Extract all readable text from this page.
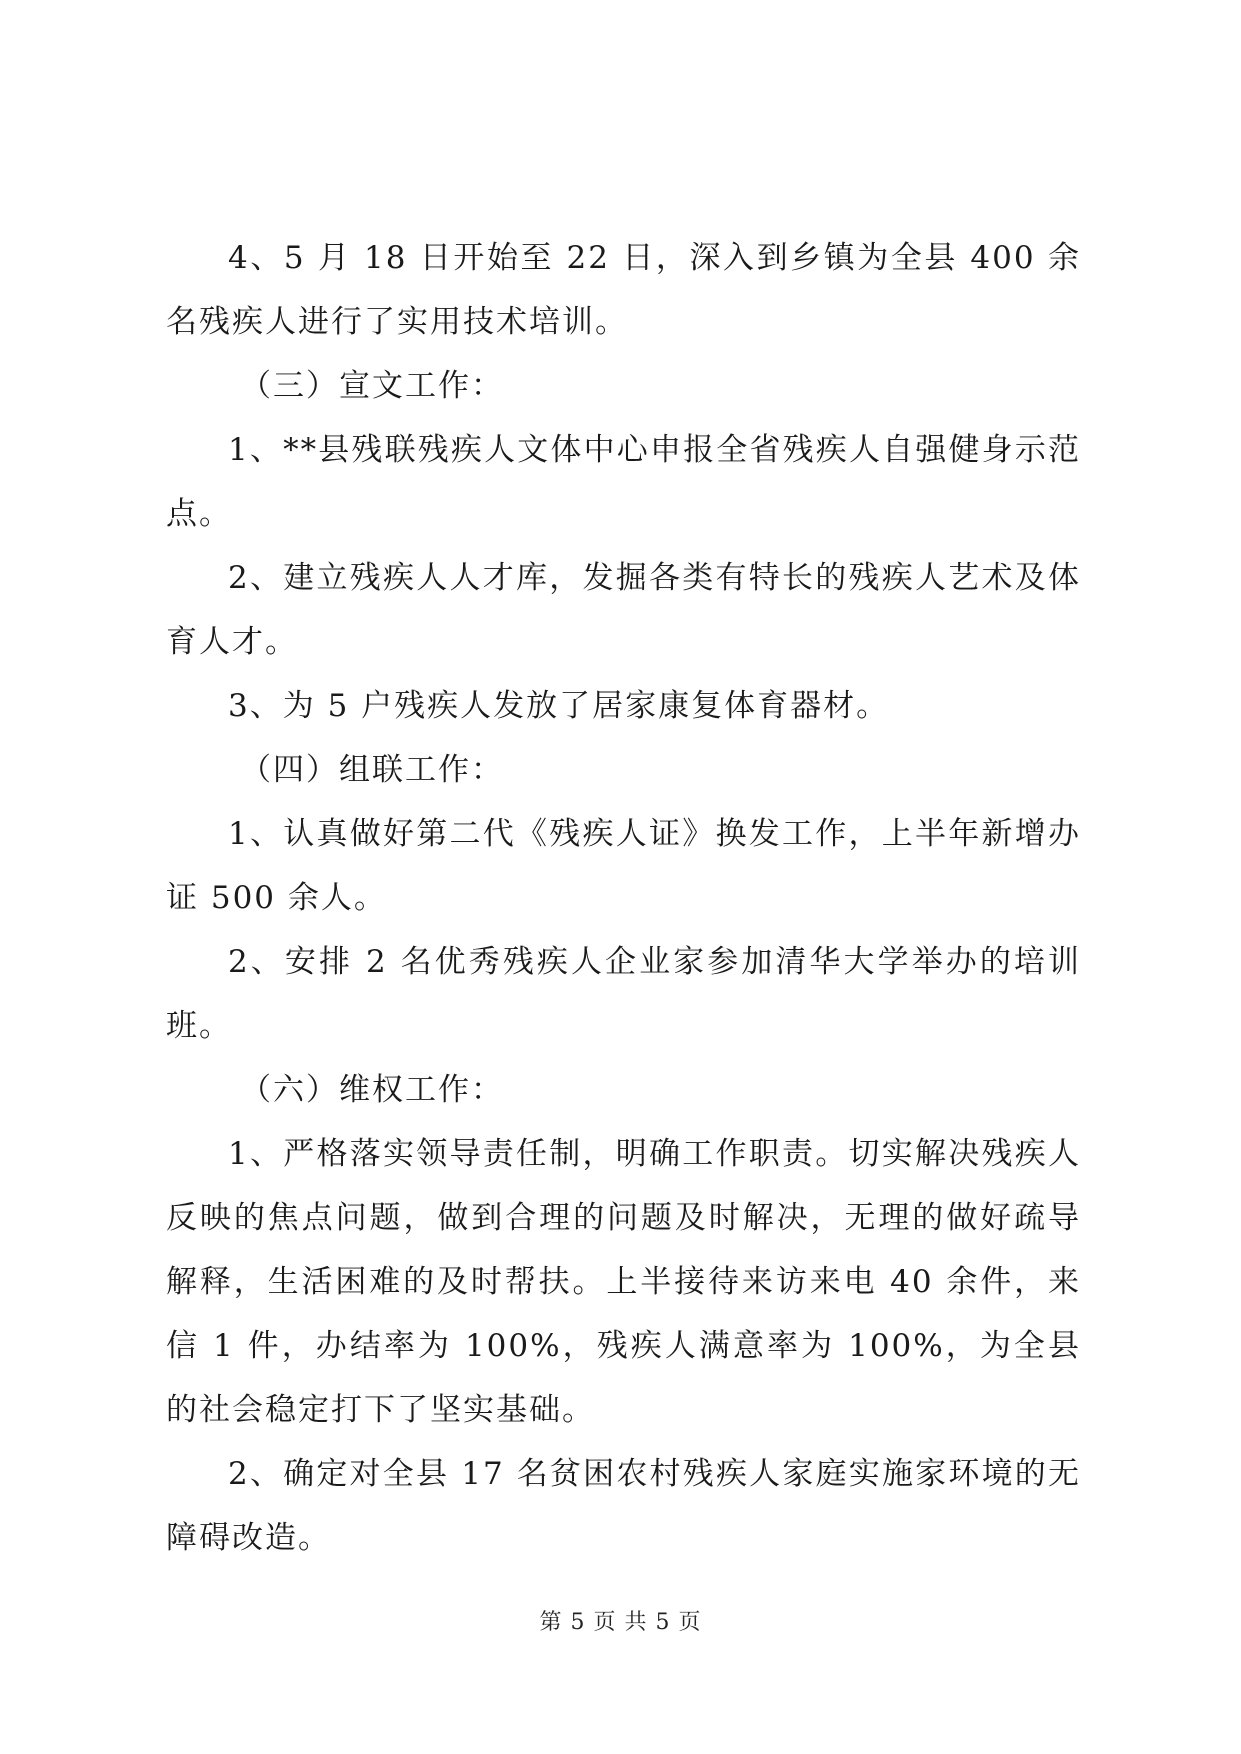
4、5 月 18 日开始至 22 日，深入到乡镇为全县 400 余名残疾人进行了实用技术培训。

（三）宣文工作：

1、**县残联残疾人文体中心申报全省残疾人自强健身示范点。

2、建立残疾人人才库，发掘各类有特长的残疾人艺术及体育人才。

3、为 5 户残疾人发放了居家康复体育器材。

（四）组联工作：

1、认真做好第二代《残疾人证》换发工作，上半年新增办证 500 余人。

2、安排 2 名优秀残疾人企业家参加清华大学举办的培训班。

（六）维权工作：

1、严格落实领导责任制，明确工作职责。切实解决残疾人反映的焦点问题，做到合理的问题及时解决，无理的做好疏导解释，生活困难的及时帮扶。上半接待来访来电 40 余件，来信 1 件，办结率为 100%，残疾人满意率为 100%，为全县的社会稳定打下了坚实基础。

2、确定对全县 17 名贫困农村残疾人家庭实施家环境的无障碍改造。

第 5 页 共 5 页
